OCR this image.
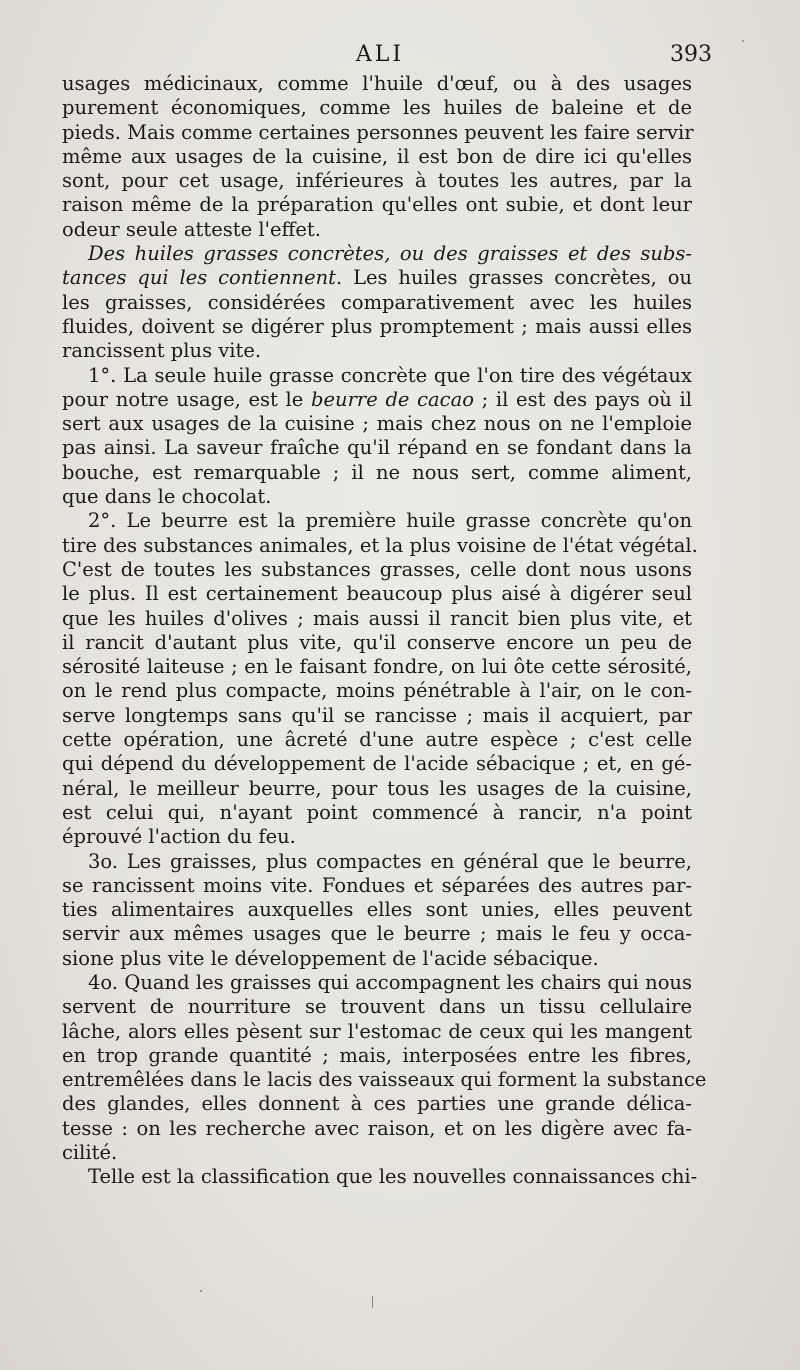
ALI	393
usages médicinaux, comme l'huile d'œuf, ou à des usages
purement économiques, comme les huiles de baleine et de
pieds. Mais comme certaines personnes peuvent les faire servir
même aux usages de la cuisine, il est bon de dire ici qu'elles
sont, pour cet usage, inférieures à toutes les autres, par la
raison même de la préparation qu'elles ont subie, et dont leur
odeur seule atteste l'effet.
Des huiles grasses concrètes, ou des graisses et des subs-
tances qui les contiennent. Les huiles grasses concrètes, ou
les graisses, considérées comparativement avec les huiles
fluides, doivent se digérer plus promptement ; mais aussi elles
rancissent plus vite.
1°. La seule huile grasse concrète que l'on tire des végétaux
pour notre usage, est le beurre de cacao ; il est des pays où il
sert aux usages de la cuisine ; mais chez nous on ne l'emploie
pas ainsi. La saveur fraîche qu'il répand en se fondant dans la
bouche, est remarquable ; il ne nous sert, comme aliment,
que dans le chocolat.
2°. Le beurre est la première huile grasse concrète qu'on
tire des substances animales, et la plus voisine de l'état végétal.
C'est de toutes les substances grasses, celle dont nous usons
le plus. Il est certainement beaucoup plus aisé à digérer seul
que les huiles d'olives ; mais aussi il rancit bien plus vite, et
il rancit d'autant plus vite, qu'il conserve encore un peu de
sérosité laiteuse ; en le faisant fondre, on lui ôte cette sérosité,
on le rend plus compacte, moins pénétrable à l'air, on le con-
serve longtemps sans qu'il se rancisse ; mais il acquiert, par
cette opération, une âcreté d'une autre espèce ; c'est celle
qui dépend du développement de l'acide sébacique ; et, en gé-
néral, le meilleur beurre, pour tous les usages de la cuisine,
est celui qui, n'ayant point commencé à rancir, n'a point
éprouvé l'action du feu.
3o. Les graisses, plus compactes en général que le beurre,
se rancissent moins vite. Fondues et séparées des autres par-
ties alimentaires auxquelles elles sont unies, elles peuvent
servir aux mêmes usages que le beurre ; mais le feu y occa-
sione plus vite le développement de l'acide sébacique.
4o. Quand les graisses qui accompagnent les chairs qui nous
servent de nourriture se trouvent dans un tissu cellulaire
lâche, alors elles pèsent sur l'estomac de ceux qui les mangent
en trop grande quantité ; mais, interposées entre les fibres,
entremêlées dans le lacis des vaisseaux qui forment la substance
des glandes, elles donnent à ces parties une grande délica-
tesse : on les recherche avec raison, et on les digère avec fa-
cilité.
Telle est la classification que les nouvelles connaissances chi-
